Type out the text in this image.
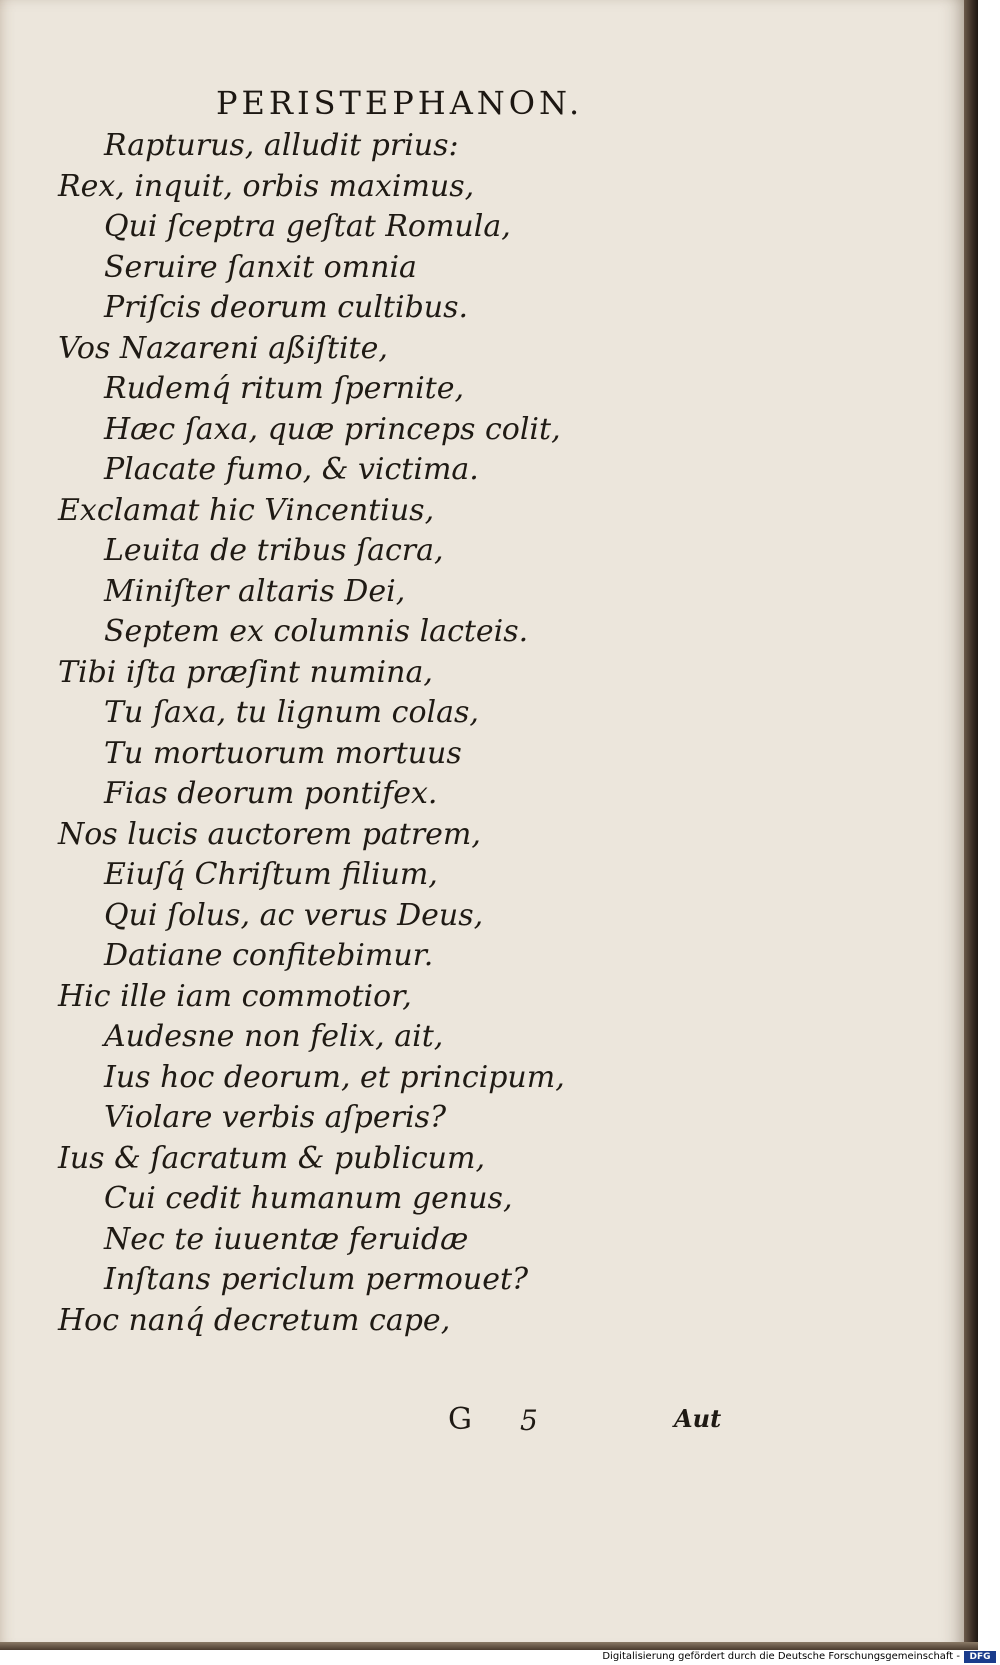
PERISTEPHANON.
Rapturus, alludit prius:
Rex, inquit, orbis maximus,
Qui ſceptra geſtat Romula,
Seruire ſanxit omnia
Priſcis deorum cultibus.
Vos Nazareni aßiſtite,
Rudemq́ ritum ſpernite,
Hæc ſaxa, quæ princeps colit,
Placate fumo, & victima.
Exclamat hic Vincentius,
Leuita de tribus ſacra,
Miniſter altaris Dei,
Septem ex columnis lacteis.
Tibi iſta præſint numina,
Tu ſaxa, tu lignum colas,
Tu mortuorum mortuus
Fias deorum pontifex.
Nos lucis auctorem patrem,
Eiuſq́ Chriſtum filium,
Qui ſolus, ac verus Deus,
Datiane confitebimur.
Hic ille iam commotior,
Audesne non felix, ait,
Ius hoc deorum, et principum,
Violare verbis aſperis?
Ius & ſacratum & publicum,
Cui cedit humanum genus,
Nec te iuuentæ feruidæ
Inſtans periclum permouet?
Hoc nanq́ decretum cape,
G 5	Aut
Digitalisierung gefördert durch die Deutsche Forschungsgemeinschaft -	DFG
